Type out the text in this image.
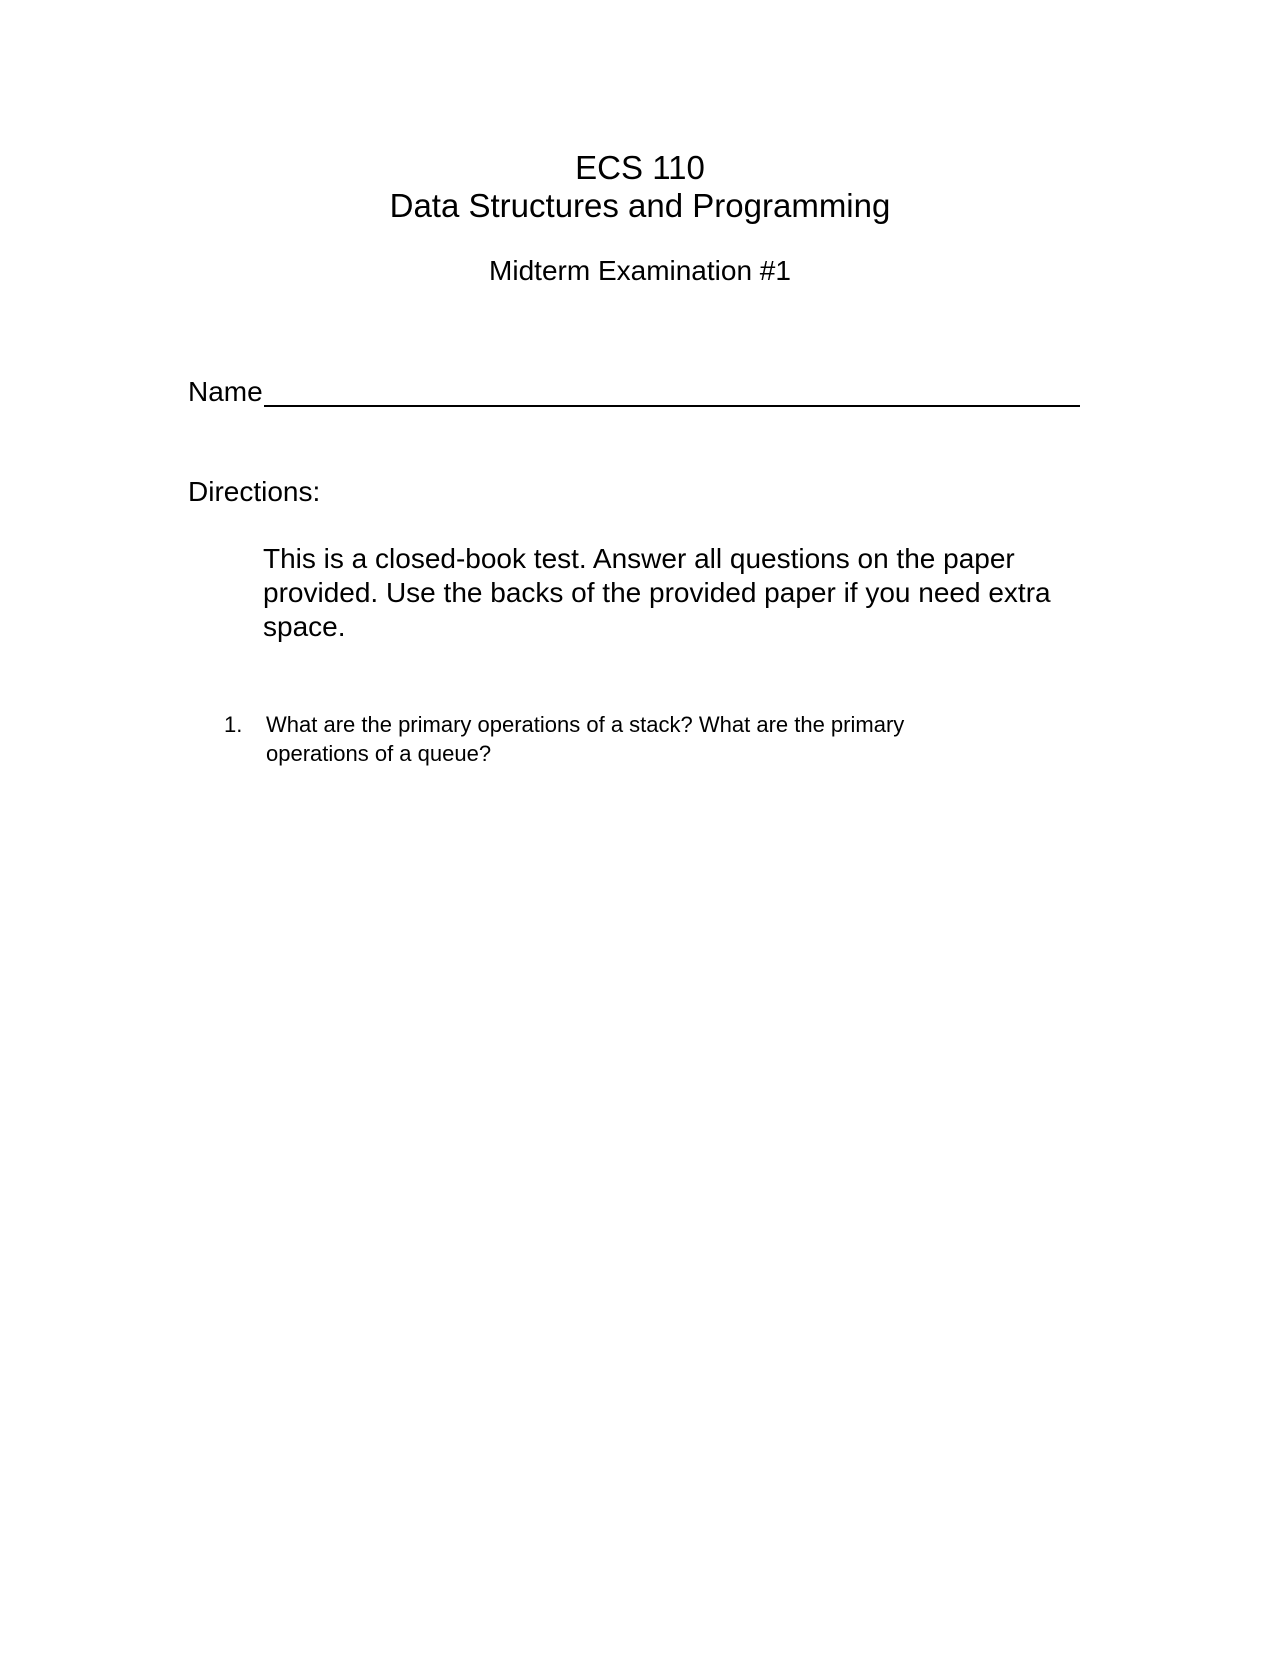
ECS 110
Data Structures and Programming
Midterm Examination #1
Name
Directions:

This is a closed-book test. Answer all questions on the paper provided. Use the backs of the provided paper if you need extra space.

1. What are the primary operations of a stack? What are the primary operations of a queue?
